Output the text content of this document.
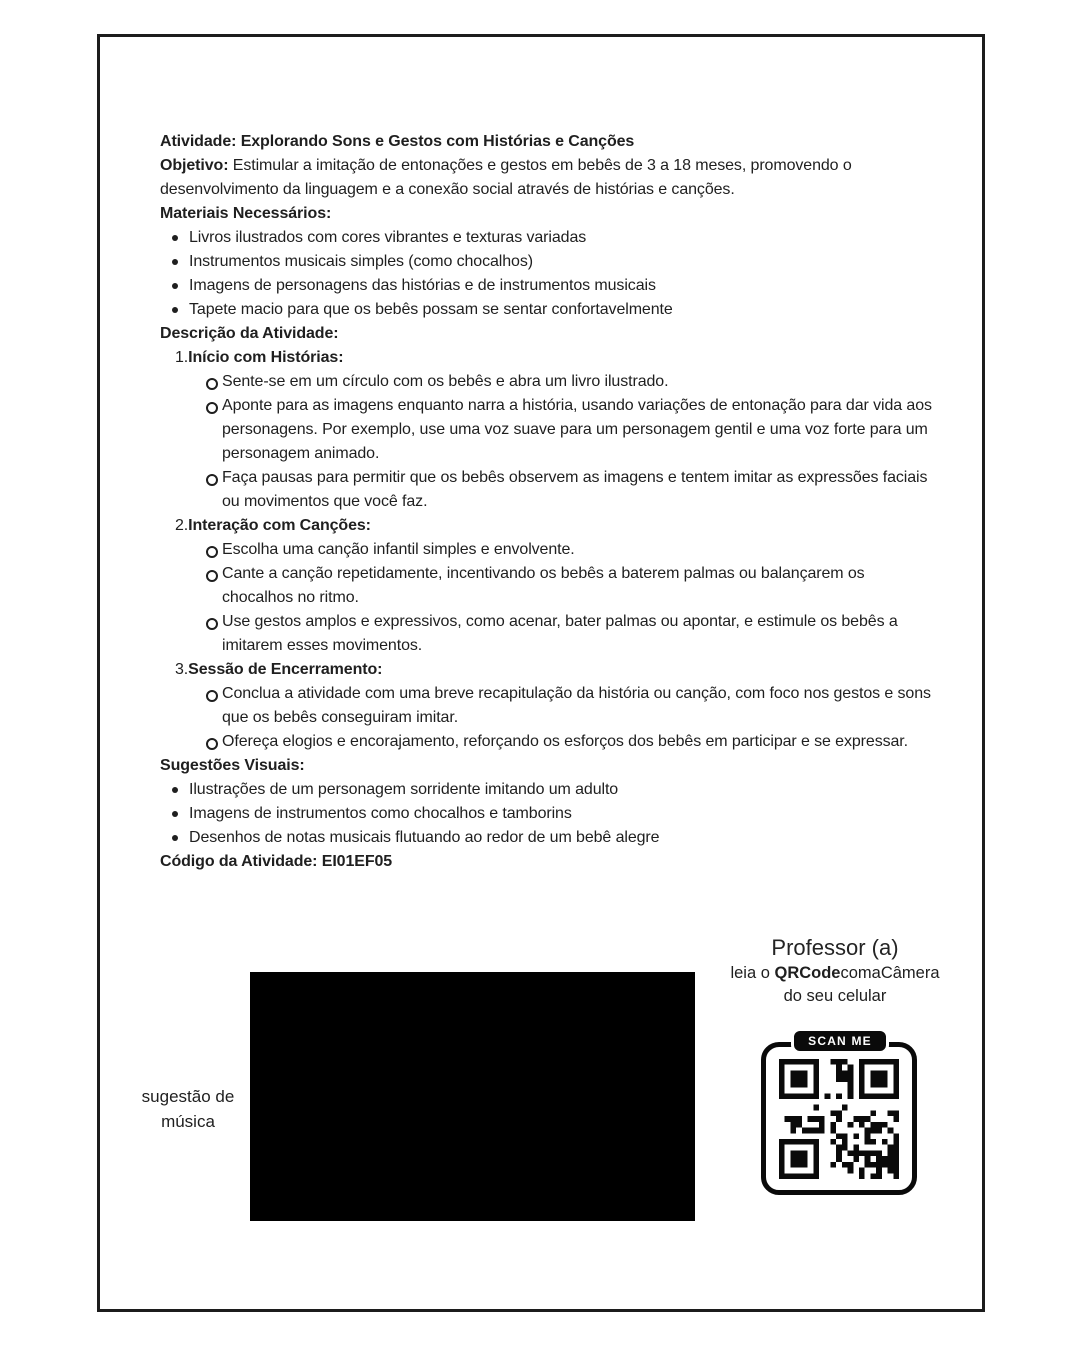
Atividade: Explorando Sons e Gestos com Histórias e Canções

Objetivo: Estimular a imitação de entonações e gestos em bebês de 3 a 18 meses, promovendo o desenvolvimento da linguagem e a conexão social através de histórias e canções.

Materiais Necessários:

Livros ilustrados com cores vibrantes e texturas variadas
Instrumentos musicais simples (como chocalhos)
Imagens de personagens das histórias e de instrumentos musicais
Tapete macio para que os bebês possam se sentar confortavelmente

Descrição da Atividade:

1.Início com Histórias:
Sente-se em um círculo com os bebês e abra um livro ilustrado.
Aponte para as imagens enquanto narra a história, usando variações de entonação para dar vida aos personagens. Por exemplo, use uma voz suave para um personagem gentil e uma voz forte para um personagem animado.
Faça pausas para permitir que os bebês observem as imagens e tentem imitar as expressões faciais ou movimentos que você faz.
2.Interação com Canções:
Escolha uma canção infantil simples e envolvente.
Cante a canção repetidamente, incentivando os bebês a baterem palmas ou balançarem os chocalhos no ritmo.
Use gestos amplos e expressivos, como acenar, bater palmas ou apontar, e estimule os bebês a imitarem esses movimentos.
3.Sessão de Encerramento:
Conclua a atividade com uma breve recapitulação da história ou canção, com foco nos gestos e sons que os bebês conseguiram imitar.
Ofereça elogios e encorajamento, reforçando os esforços dos bebês em participar e se expressar.

Sugestões Visuais:

Ilustrações de um personagem sorridente imitando um adulto
Imagens de instrumentos como chocalhos e tamborins
Desenhos de notas musicais flutuando ao redor de um bebê alegre

Código da Atividade: EI01EF05

Professor (a)
leia o QRCodecomaCâmera
do seu celular
sugestão de
música
SCAN ME
